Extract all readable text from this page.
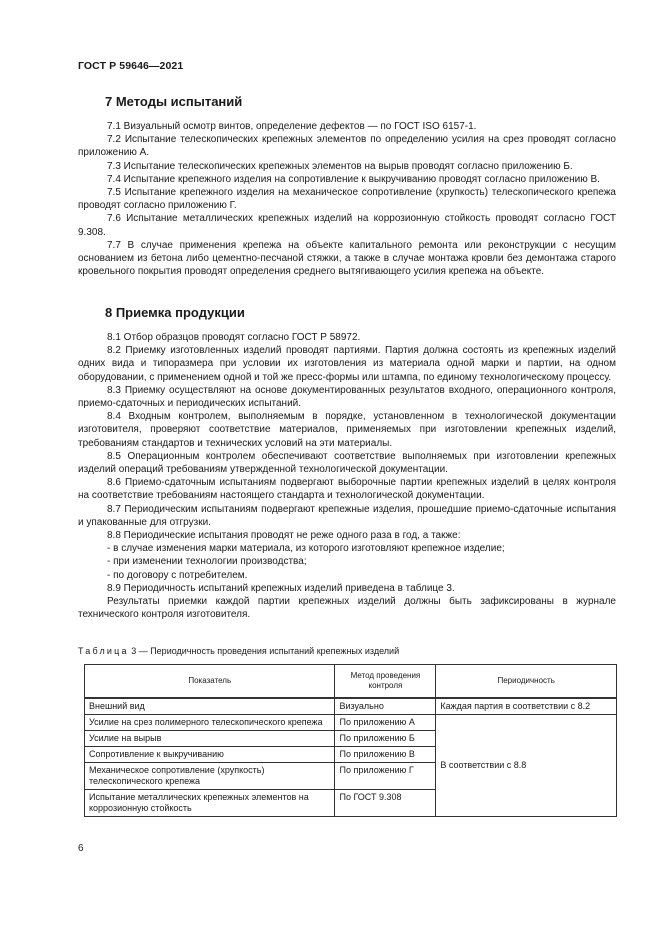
ГОСТ Р 59646—2021
7 Методы испытаний

7.1 Визуальный осмотр винтов, определение дефектов — по ГОСТ ISO 6157-1.

7.2 Испытание телескопических крепежных элементов по определению усилия на срез проводят согласно приложению А.

7.3 Испытание телескопических крепежных элементов на вырыв проводят согласно приложению Б.

7.4 Испытание крепежного изделия на сопротивление к выкручиванию проводят согласно приложению В.

7.5 Испытание крепежного изделия на механическое сопротивление (хрупкость) телескопического крепежа проводят согласно приложению Г.

7.6 Испытание металлических крепежных изделий на коррозионную стойкость проводят согласно ГОСТ 9.308.

7.7 В случае применения крепежа на объекте капитального ремонта или реконструкции с несущим основанием из бетона либо цементно-песчаной стяжки, а также в случае монтажа кровли без демонтажа старого кровельного покрытия проводят определения среднего вытягивающего усилия крепежа на объекте.

8 Приемка продукции

8.1 Отбор образцов проводят согласно ГОСТ Р 58972.

8.2 Приемку изготовленных изделий проводят партиями. Партия должна состоять из крепежных изделий одних вида и типоразмера при условии их изготовления из материала одной марки и партии, на одном оборудовании, с применением одной и той же пресс-формы или штампа, по единому технологическому процессу.

8.3 Приемку осуществляют на основе документированных результатов входного, операционного контроля, приемо-сдаточных и периодических испытаний.

8.4 Входным контролем, выполняемым в порядке, установленном в технологической документации изготовителя, проверяют соответствие материалов, применяемых при изготовлении крепежных изделий, требованиям стандартов и технических условий на эти материалы.

8.5 Операционным контролем обеспечивают соответствие выполняемых при изготовлении крепежных изделий операций требованиям утвержденной технологической документации.

8.6 Приемо-сдаточным испытаниям подвергают выборочные партии крепежных изделий в целях контроля на соответствие требованиям настоящего стандарта и технологической документации.

8.7 Периодическим испытаниям подвергают крепежные изделия, прошедшие приемо-сдаточные испытания и упакованные для отгрузки.

8.8 Периодические испытания проводят не реже одного раза в год, а также:

- в случае изменения марки материала, из которого изготовляют крепежное изделие;

- при изменении технологии производства;

- по договору с потребителем.

8.9 Периодичность испытаний крепежных изделий приведена в таблице 3.

Результаты приемки каждой партии крепежных изделий должны быть зафиксированы в журнале технического контроля изготовителя.

Таблица 3 — Периодичность проведения испытаний крепежных изделий
Показатель	Метод проведения контроля	Периодичность
Внешний вид	Визуально	Каждая партия в соответствии с 8.2
Усилие на срез полимерного телескопического крепежа	По приложению А	В соответствии с 8.8
Усилие на вырыв	По приложению Б	
Сопротивление к выкручиванию	По приложению В	
Механическое сопротивление (хрупкость) телескопического крепежа	По приложению Г	
Испытание металлических крепежных элементов на коррозионную стойкость	По ГОСТ 9.308	
6
